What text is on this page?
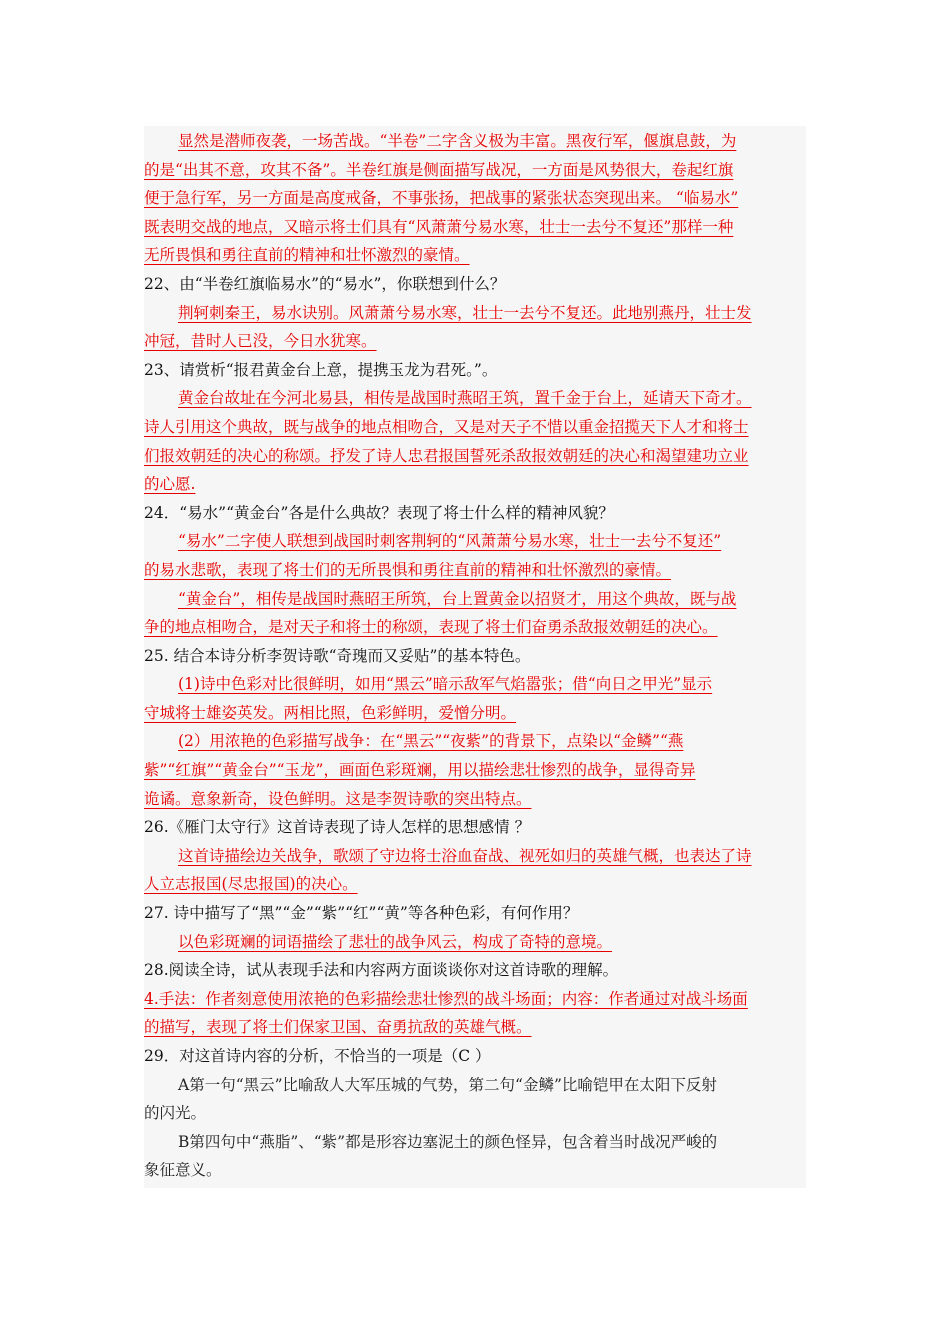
显然是潜师夜袭，一场苦战。“半卷”二字含义极为丰富。黑夜行军，偃旗息鼓，为
的是“出其不意，攻其不备”。半卷红旗是侧面描写战况，一方面是风势很大，卷起红旗
便于急行军，另一方面是高度戒备，不事张扬，把战事的紧张状态突现出来。 “临易水”
既表明交战的地点，又暗示将士们具有“风萧萧兮易水寒，壮士一去兮不复还”那样一种
无所畏惧和勇往直前的精神和壮怀激烈的豪情。
22、由“半卷红旗临易水”的“易水”，你联想到什么？
荆轲刺秦王，易水诀别。风萧萧兮易水寒，壮士一去兮不复还。此地别燕丹，壮士发
冲冠，昔时人已没，今日水犹寒。
23、请赏析“报君黄金台上意，提携玉龙为君死。”。
黄金台故址在今河北易县，相传是战国时燕昭王筑，置千金于台上，延请天下奇才。
诗人引用这个典故，既与战争的地点相吻合，又是对天子不惜以重金招揽天下人才和将士
们报效朝廷的决心的称颂。抒发了诗人忠君报国誓死杀敌报效朝廷的决心和渴望建功立业
的心愿.
24．“易水”“黄金台”各是什么典故？表现了将士什么样的精神风貌？
“易水”二字使人联想到战国时刺客荆轲的“风萧萧兮易水寒，壮士一去兮不复还”
的易水悲歌，表现了将士们的无所畏惧和勇往直前的精神和壮怀激烈的豪情。
“黄金台”，相传是战国时燕昭王所筑，台上置黄金以招贤才，用这个典故，既与战
争的地点相吻合，是对天子和将士的称颂，表现了将士们奋勇杀敌报效朝廷的决心。
25. 结合本诗分析李贺诗歌“奇瑰而又妥贴”的基本特色。
(1)诗中色彩对比很鲜明，如用“黑云”暗示敌军气焰嚣张；借“向日之甲光”显示
守城将士雄姿英发。两相比照，色彩鲜明，爱憎分明。
(2）用浓艳的色彩描写战争：在“黑云”“夜紫”的背景下，点染以“金鳞”“燕
紫”“红旗”“黄金台”“玉龙”，画面色彩斑斓，用以描绘悲壮惨烈的战争，显得奇异
诡谲。意象新奇，设色鲜明。这是李贺诗歌的突出特点。
26.《雁门太守行》这首诗表现了诗人怎样的思想感情 ？
这首诗描绘边关战争，歌颂了守边将士浴血奋战、视死如归的英雄气概，也表达了诗
人立志报国(尽忠报国)的决心。
27. 诗中描写了“黑”“金”“紫”“红”“黄”等各种色彩，有何作用？
以色彩斑斓的词语描绘了悲壮的战争风云，构成了奇特的意境。
28.阅读全诗，试从表现手法和内容两方面谈谈你对这首诗歌的理解。
4.手法：作者刻意使用浓艳的色彩描绘悲壮惨烈的战斗场面；内容：作者通过对战斗场面
的描写，表现了将士们保家卫国、奋勇抗敌的英雄气概。
29．对这首诗内容的分析，不恰当的一项是（C ）
A第一句“黑云”比喻敌人大军压城的气势，第二句“金鳞”比喻铠甲在太阳下反射
的闪光。
B第四句中“燕脂”、“紫”都是形容边塞泥土的颜色怪异，包含着当时战况严峻的
象征意义。
